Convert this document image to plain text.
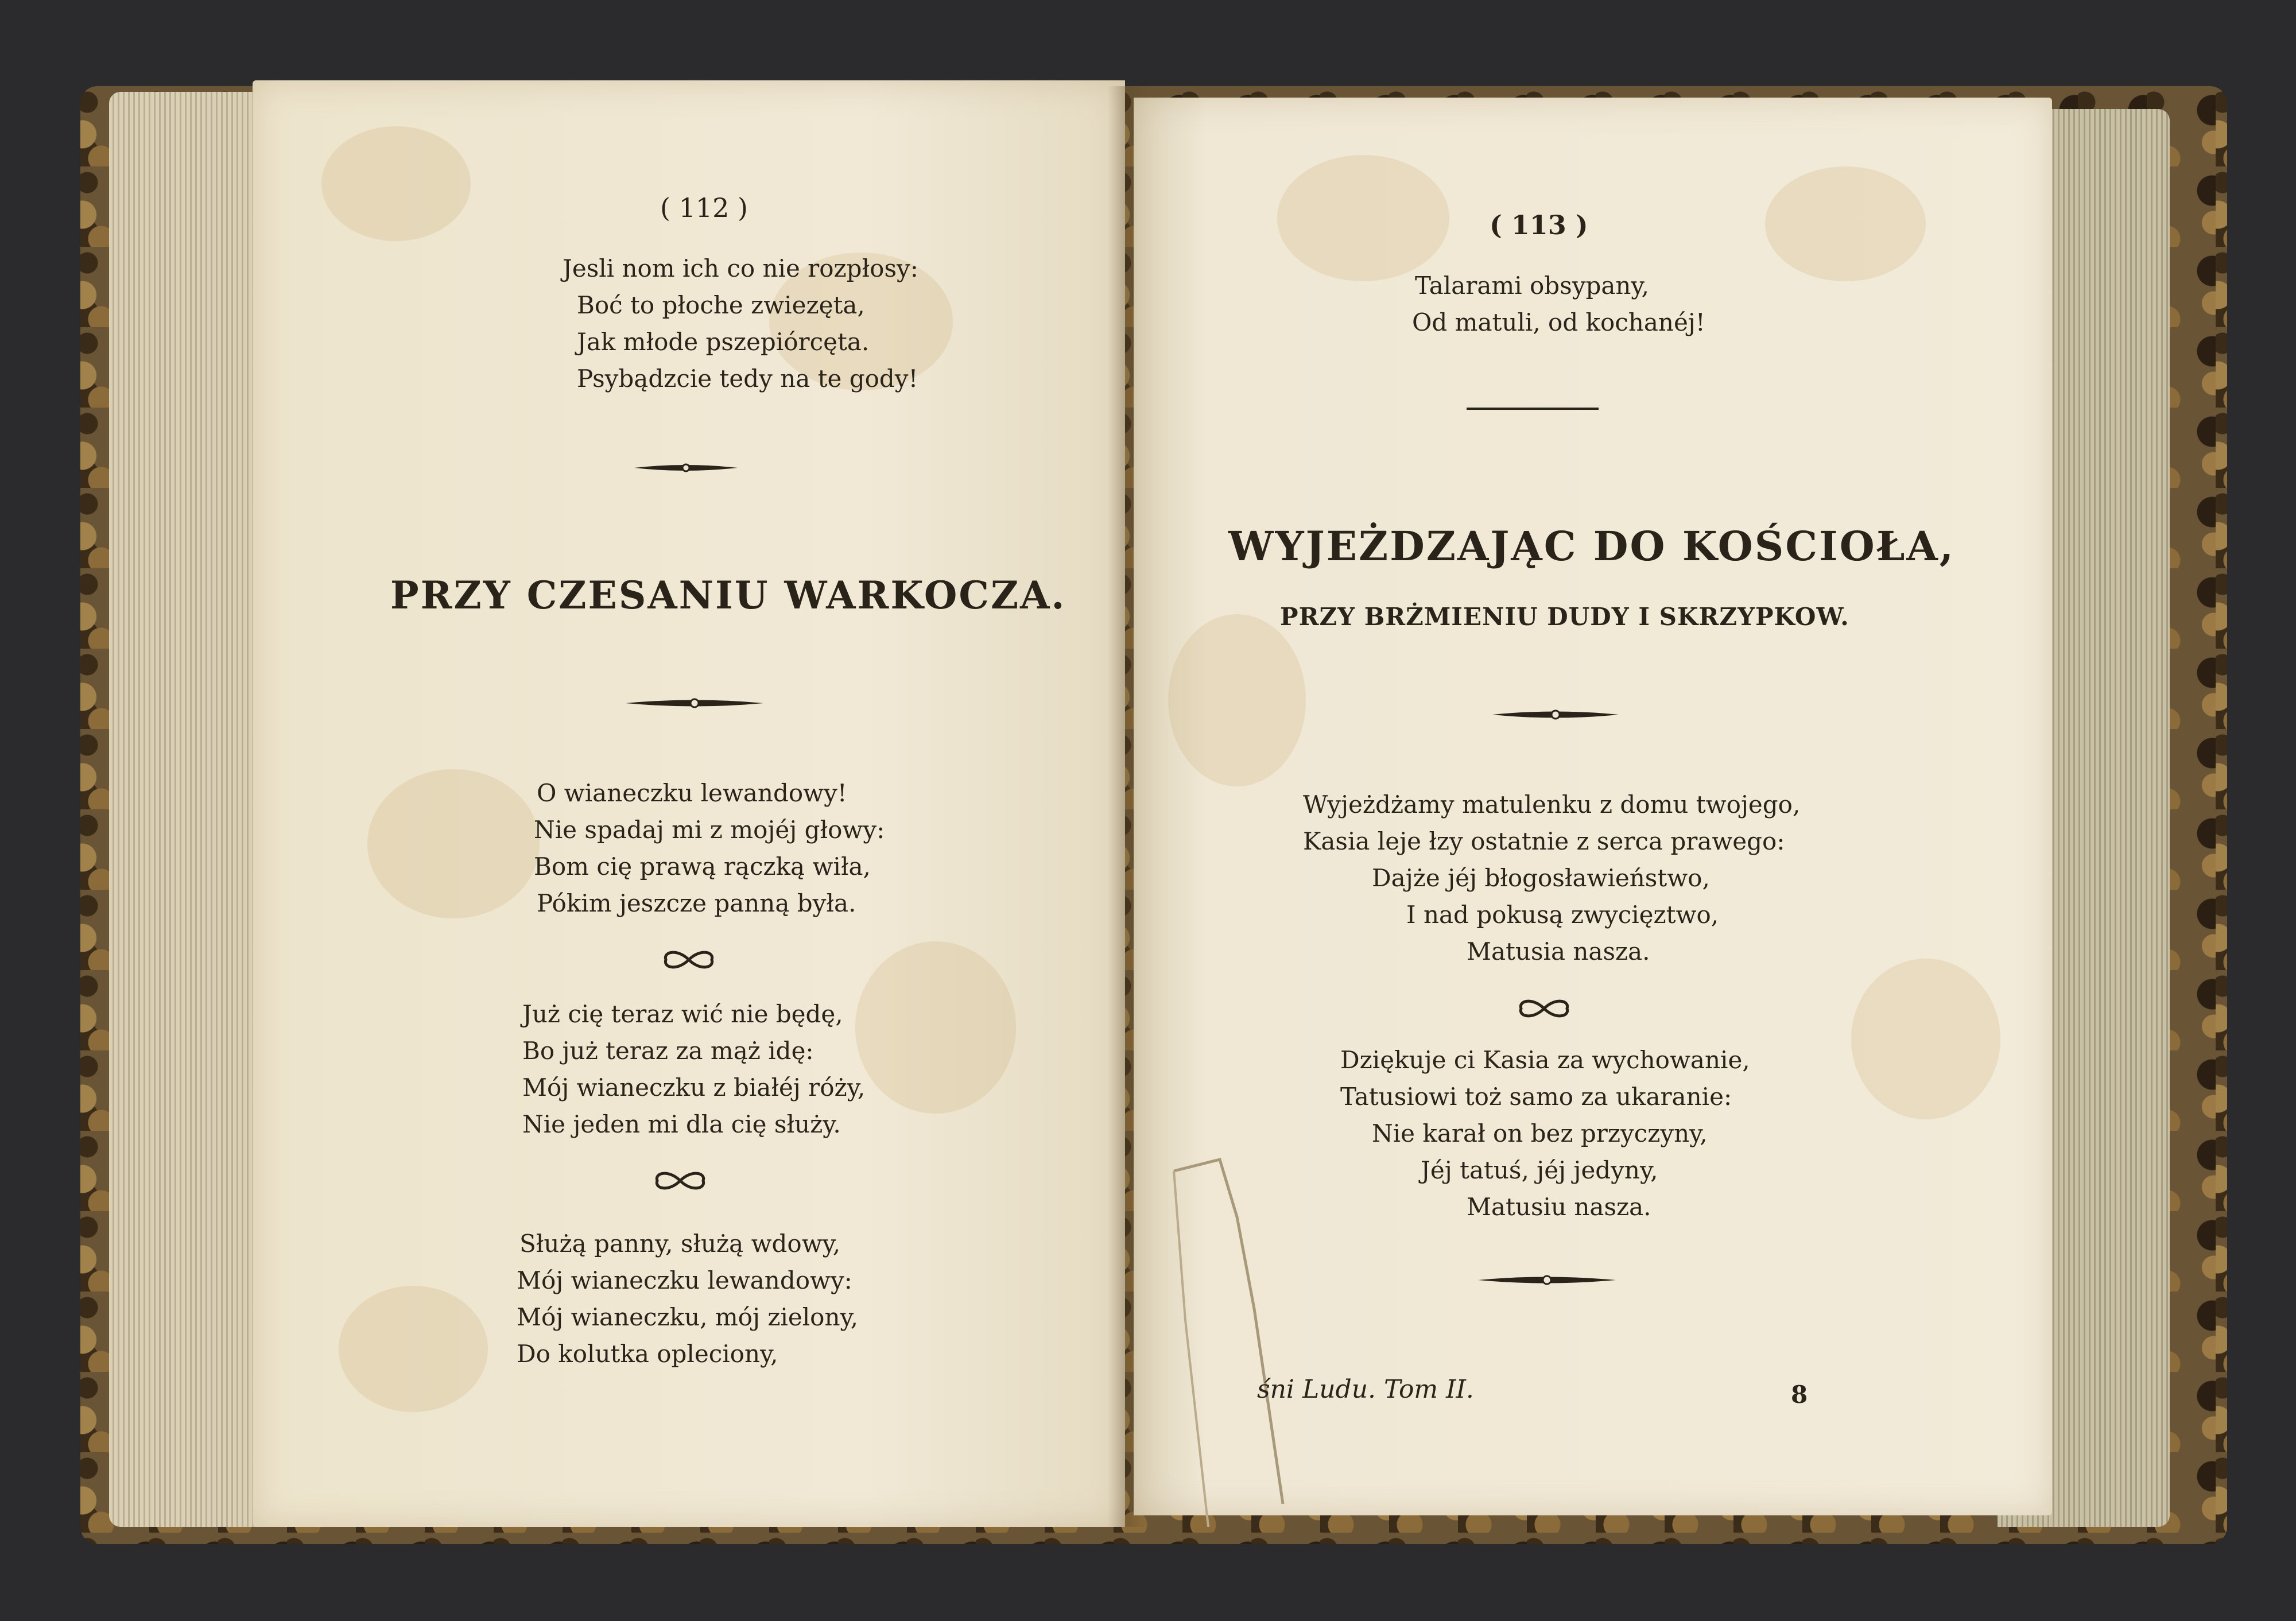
( 112 )
Jesli nom ich co nie rozpłosy:
Boć to płoche zwiezęta,
Jak młode pszepiórcęta.
Psybądzcie tedy na te gody!
PRZY CZESANIU WARKOCZA.
O wianeczku lewandowy!
Nie spadaj mi z mojéj głowy:
Bom cię prawą rączką wiła,
Pókim jeszcze panną była.
Już cię teraz wić nie będę,
Bo już teraz za mąż idę:
Mój wianeczku z białéj róży,
Nie jeden mi dla cię służy.
Służą panny, służą wdowy,
Mój wianeczku lewandowy:
Mój wianeczku, mój zielony,
Do kolutka opleciony,
( 113 )
Talarami obsypany,
Od matuli, od kochanéj!
WYJEŻDZAJĄC DO KOŚCIOŁA,
PRZY BRŻMIENIU DUDY I SKRZYPKOW.
Wyjeżdżamy matulenku z domu twojego,
Kasia leje łzy ostatnie z serca prawego:
Dajże jéj błogosławieństwo,
I nad pokusą zwycięztwo,
Matusia nasza.
Dziękuje ci Kasia za wychowanie,
Tatusiowi toż samo za ukaranie:
Nie karał on bez przyczyny,
Jéj tatuś, jéj jedyny,
Matusiu nasza.
śni Ludu. Tom II.	8
